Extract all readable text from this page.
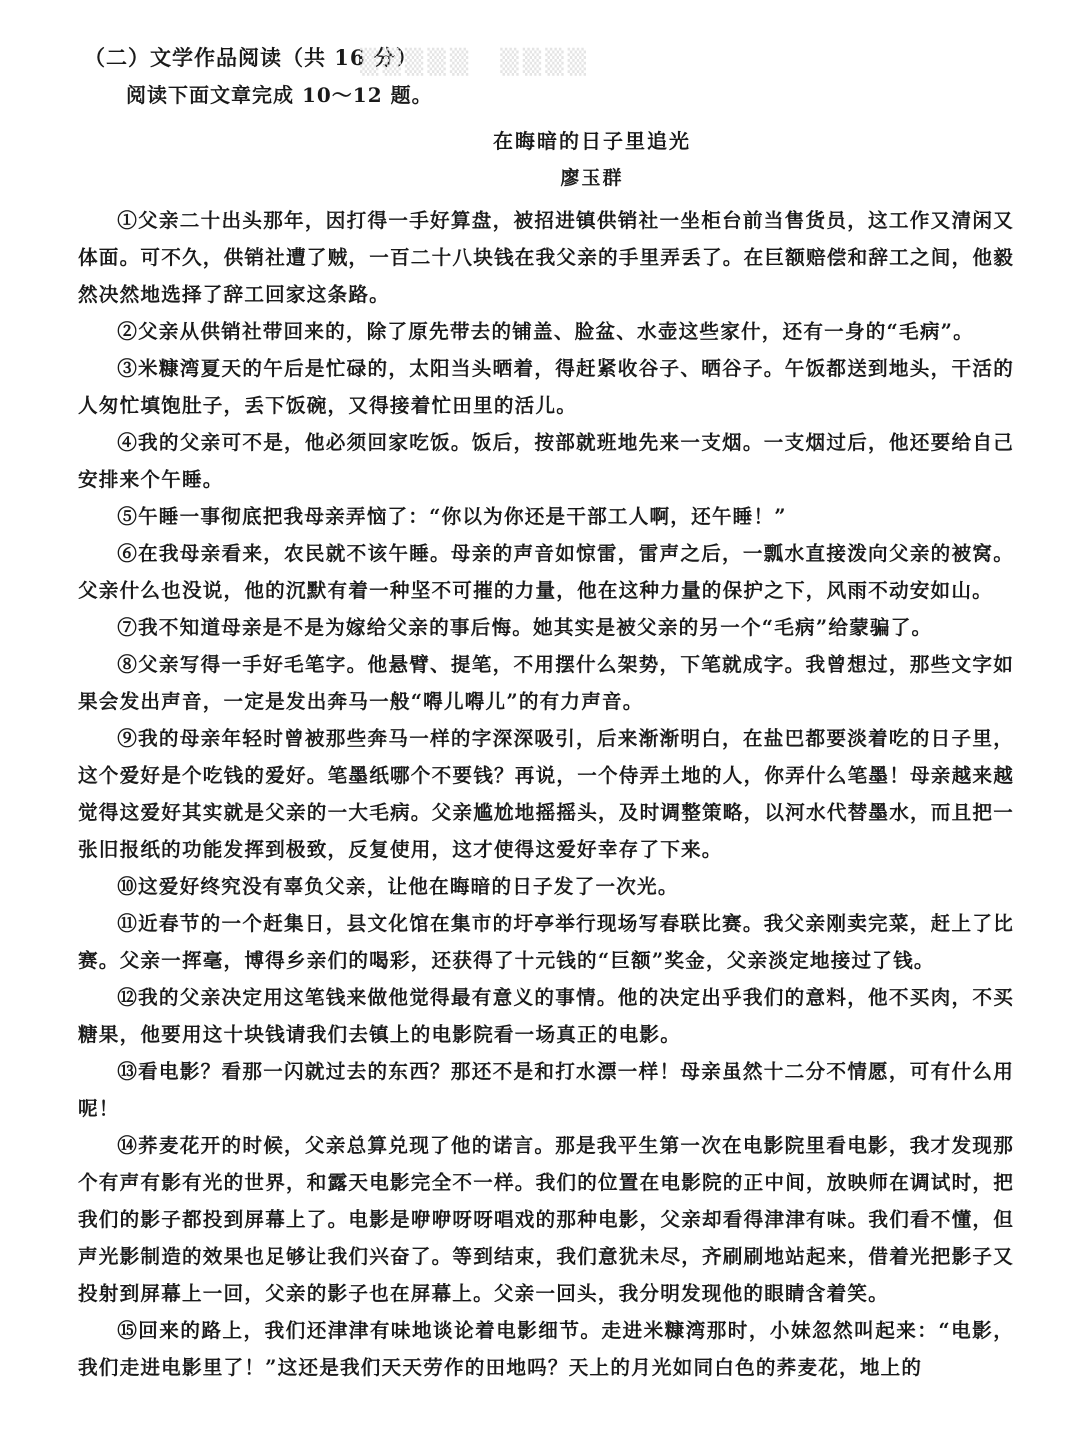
▒▒▒▒▒　▒▒▒▒
（二）文学作品阅读（共 16 分）
阅读下面文章完成 10～12 题。
在晦暗的日子里追光
廖玉群

①父亲二十出头那年，因打得一手好算盘，被招进镇供销社一坐柜台前当售货员，这工作又清闲又体面。可不久，供销社遭了贼，一百二十八块钱在我父亲的手里弄丢了。在巨额赔偿和辞工之间，他毅然决然地选择了辞工回家这条路。

②父亲从供销社带回来的，除了原先带去的铺盖、脸盆、水壶这些家什，还有一身的“毛病”。

③米糠湾夏天的午后是忙碌的，太阳当头晒着，得赶紧收谷子、晒谷子。午饭都送到地头，干活的人匆忙填饱肚子，丢下饭碗，又得接着忙田里的活儿。

④我的父亲可不是，他必须回家吃饭。饭后，按部就班地先来一支烟。一支烟过后，他还要给自己安排来个午睡。

⑤午睡一事彻底把我母亲弄恼了：“你以为你还是干部工人啊，还午睡！”

⑥在我母亲看来，农民就不该午睡。母亲的声音如惊雷，雷声之后，一瓢水直接泼向父亲的被窝。父亲什么也没说，他的沉默有着一种坚不可摧的力量，他在这种力量的保护之下，风雨不动安如山。

⑦我不知道母亲是不是为嫁给父亲的事后悔。她其实是被父亲的另一个“毛病”给蒙骗了。

⑧父亲写得一手好毛笔字。他悬臂、提笔，不用摆什么架势，下笔就成字。我曾想过，那些文字如果会发出声音，一定是发出奔马一般“嘚儿嘚儿”的有力声音。

⑨我的母亲年轻时曾被那些奔马一样的字深深吸引，后来渐渐明白，在盐巴都要淡着吃的日子里，这个爱好是个吃钱的爱好。笔墨纸哪个不要钱？再说，一个侍弄土地的人，你弄什么笔墨！母亲越来越觉得这爱好其实就是父亲的一大毛病。父亲尴尬地摇摇头，及时调整策略，以河水代替墨水，而且把一张旧报纸的功能发挥到极致，反复使用，这才使得这爱好幸存了下来。

⑩这爱好终究没有辜负父亲，让他在晦暗的日子发了一次光。

⑪近春节的一个赶集日，县文化馆在集市的圩亭举行现场写春联比赛。我父亲刚卖完菜，赶上了比赛。父亲一挥毫，博得乡亲们的喝彩，还获得了十元钱的“巨额”奖金，父亲淡定地接过了钱。

⑫我的父亲决定用这笔钱来做他觉得最有意义的事情。他的决定出乎我们的意料，他不买肉，不买糖果，他要用这十块钱请我们去镇上的电影院看一场真正的电影。

⑬看电影？看那一闪就过去的东西？那还不是和打水漂一样！母亲虽然十二分不情愿，可有什么用呢！

⑭荞麦花开的时候，父亲总算兑现了他的诺言。那是我平生第一次在电影院里看电影，我才发现那个有声有影有光的世界，和露天电影完全不一样。我们的位置在电影院的正中间，放映师在调试时，把我们的影子都投到屏幕上了。电影是咿咿呀呀唱戏的那种电影，父亲却看得津津有味。我们看不懂，但声光影制造的效果也足够让我们兴奋了。等到结束，我们意犹未尽，齐刷刷地站起来，借着光把影子又投射到屏幕上一回，父亲的影子也在屏幕上。父亲一回头，我分明发现他的眼睛含着笑。

⑮回来的路上，我们还津津有味地谈论着电影细节。走进米糠湾那时，小妹忽然叫起来：“电影，我们走进电影里了！”这还是我们天天劳作的田地吗？天上的月光如同白色的荞麦花，地上的
